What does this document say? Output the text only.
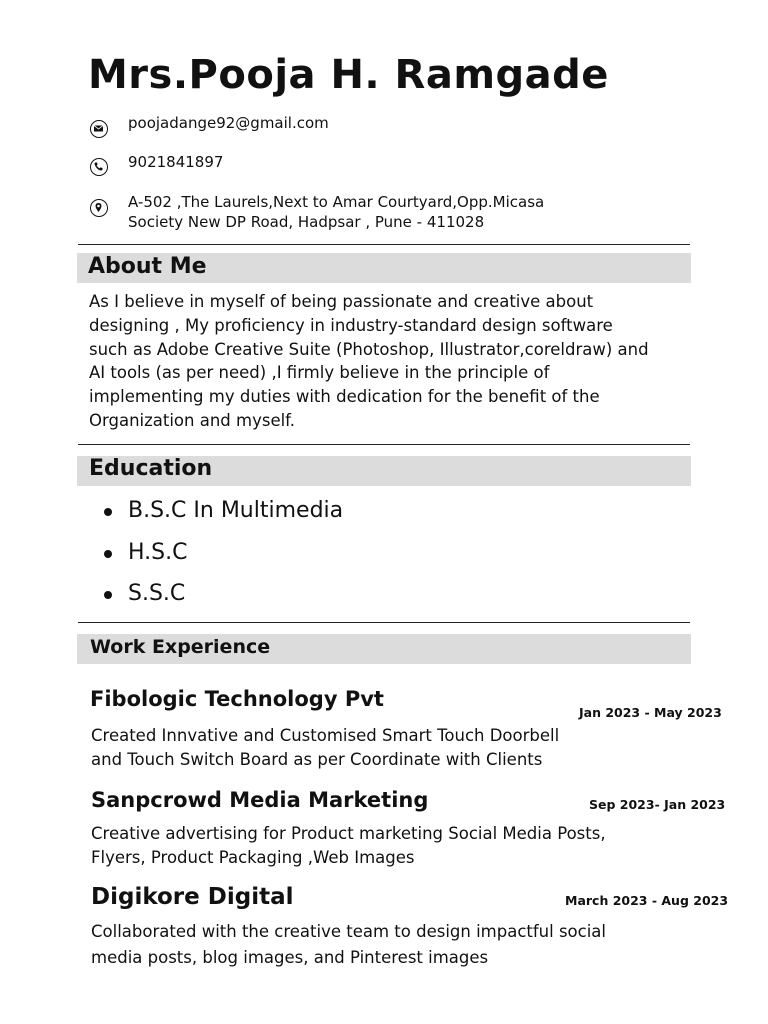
Mrs.Pooja H. Ramgade
poojadange92@gmail.com
9021841897
A-502 ,The Laurels,Next to Amar Courtyard,Opp.Micasa
Society New DP Road, Hadpsar , Pune - 411028
About Me
As I believe in myself of being passionate and creative about
designing , My proficiency in industry-standard design software
such as Adobe Creative Suite (Photoshop, Illustrator,coreldraw) and
AI tools (as per need) ,I firmly believe in the principle of
implementing my duties with dedication for the benefit of the
Organization and myself.
Education
B.S.C In Multimedia
H.S.C
S.S.C
Work Experience
Fibologic Technology Pvt
Jan 2023 - May 2023
Created Innvative and Customised Smart Touch Doorbell
and Touch Switch Board as per Coordinate with Clients
Sanpcrowd Media Marketing	Sep 2023- Jan 2023
Creative advertising for Product marketing Social Media Posts,
Flyers, Product Packaging ,Web Images
Digikore Digital	March 2023 - Aug 2023
Collaborated with the creative team to design impactful social
media posts, blog images, and Pinterest images
